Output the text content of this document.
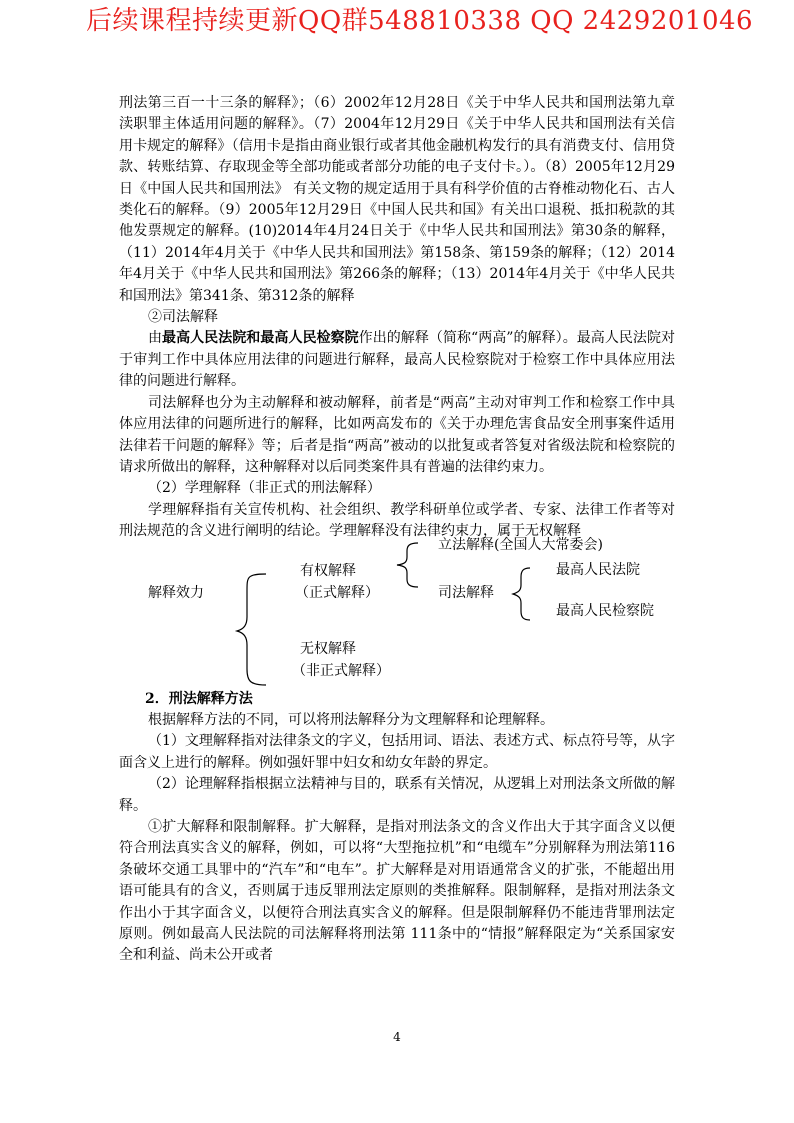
后续课程持续更新QQ群548810338 QQ 2429201046

刑法第三百一十三条的解释》；（6）2002年12月28日《关于中华人民共和国刑法第九章渎职罪主体适用问题的解释》。（7）2004年12月29日《关于中华人民共和国刑法有关信用卡规定的解释》（信用卡是指由商业银行或者其他金融机构发行的具有消费支付、信用贷款、转账结算、存取现金等全部功能或者部分功能的电子支付卡。）。（8）2005年12月29日《中国人民共和国刑法》 有关文物的规定适用于具有科学价值的古脊椎动物化石、古人类化石的解释。（9）2005年12月29日《中国人民共和国》有关出口退税、抵扣税款的其他发票规定的解释。(10)2014年4月24日关于《中华人民共和国刑法》第30条的解释，（11）2014年4月关于《中华人民共和国刑法》第158条、第159条的解释；（12）2014年4月关于《中华人民共和国刑法》第266条的解释；（13）2014年4月关于《中华人民共和国刑法》第341条、第312条的解释

②司法解释

由最高人民法院和最高人民检察院作出的解释（简称“两高”的解释）。最高人民法院对于审判工作中具体应用法律的问题进行解释，最高人民检察院对于检察工作中具体应用法律的问题进行解释。

司法解释也分为主动解释和被动解释，前者是“两高”主动对审判工作和检察工作中具体应用法律的问题所进行的解释，比如两高发布的《关于办理危害食品安全刑事案件适用法律若干问题的解释》等；后者是指“两高”被动的以批复或者答复对省级法院和检察院的请求所做出的解释，这种解释对以后同类案件具有普遍的法律约束力。

（2）学理解释（非正式的刑法解释）

学理解释指有关宣传机构、社会组织、教学科研单位或学者、专家、法律工作者等对刑法规范的含义进行阐明的结论。学理解释没有法律约束力，属于无权解释

解释效力
有权解释
（正式解释）
立法解释(全国人大常委会)
司法解释
最高人民法院
最高人民检察院
无权解释
（非正式解释）

2．刑法解释方法

根据解释方法的不同，可以将刑法解释分为文理解释和论理解释。

（1）文理解释指对法律条文的字义，包括用词、语法、表述方式、标点符号等，从字面含义上进行的解释。例如强奸罪中妇女和幼女年龄的界定。

（2）论理解释指根据立法精神与目的，联系有关情况，从逻辑上对刑法条文所做的解释。

①扩大解释和限制解释。扩大解释，是指对刑法条文的含义作出大于其字面含义以便符合刑法真实含义的解释，例如，可以将“大型拖拉机”和“电缆车”分别解释为刑法第116条破坏交通工具罪中的“汽车”和“电车”。扩大解释是对用语通常含义的扩张，不能超出用语可能具有的含义，否则属于违反罪刑法定原则的类推解释。限制解释，是指对刑法条文作出小于其字面含义，以便符合刑法真实含义的解释。但是限制解释仍不能违背罪刑法定原则。例如最高人民法院的司法解释将刑法第 111条中的“情报”解释限定为“关系国家安全和利益、尚未公开或者

4
